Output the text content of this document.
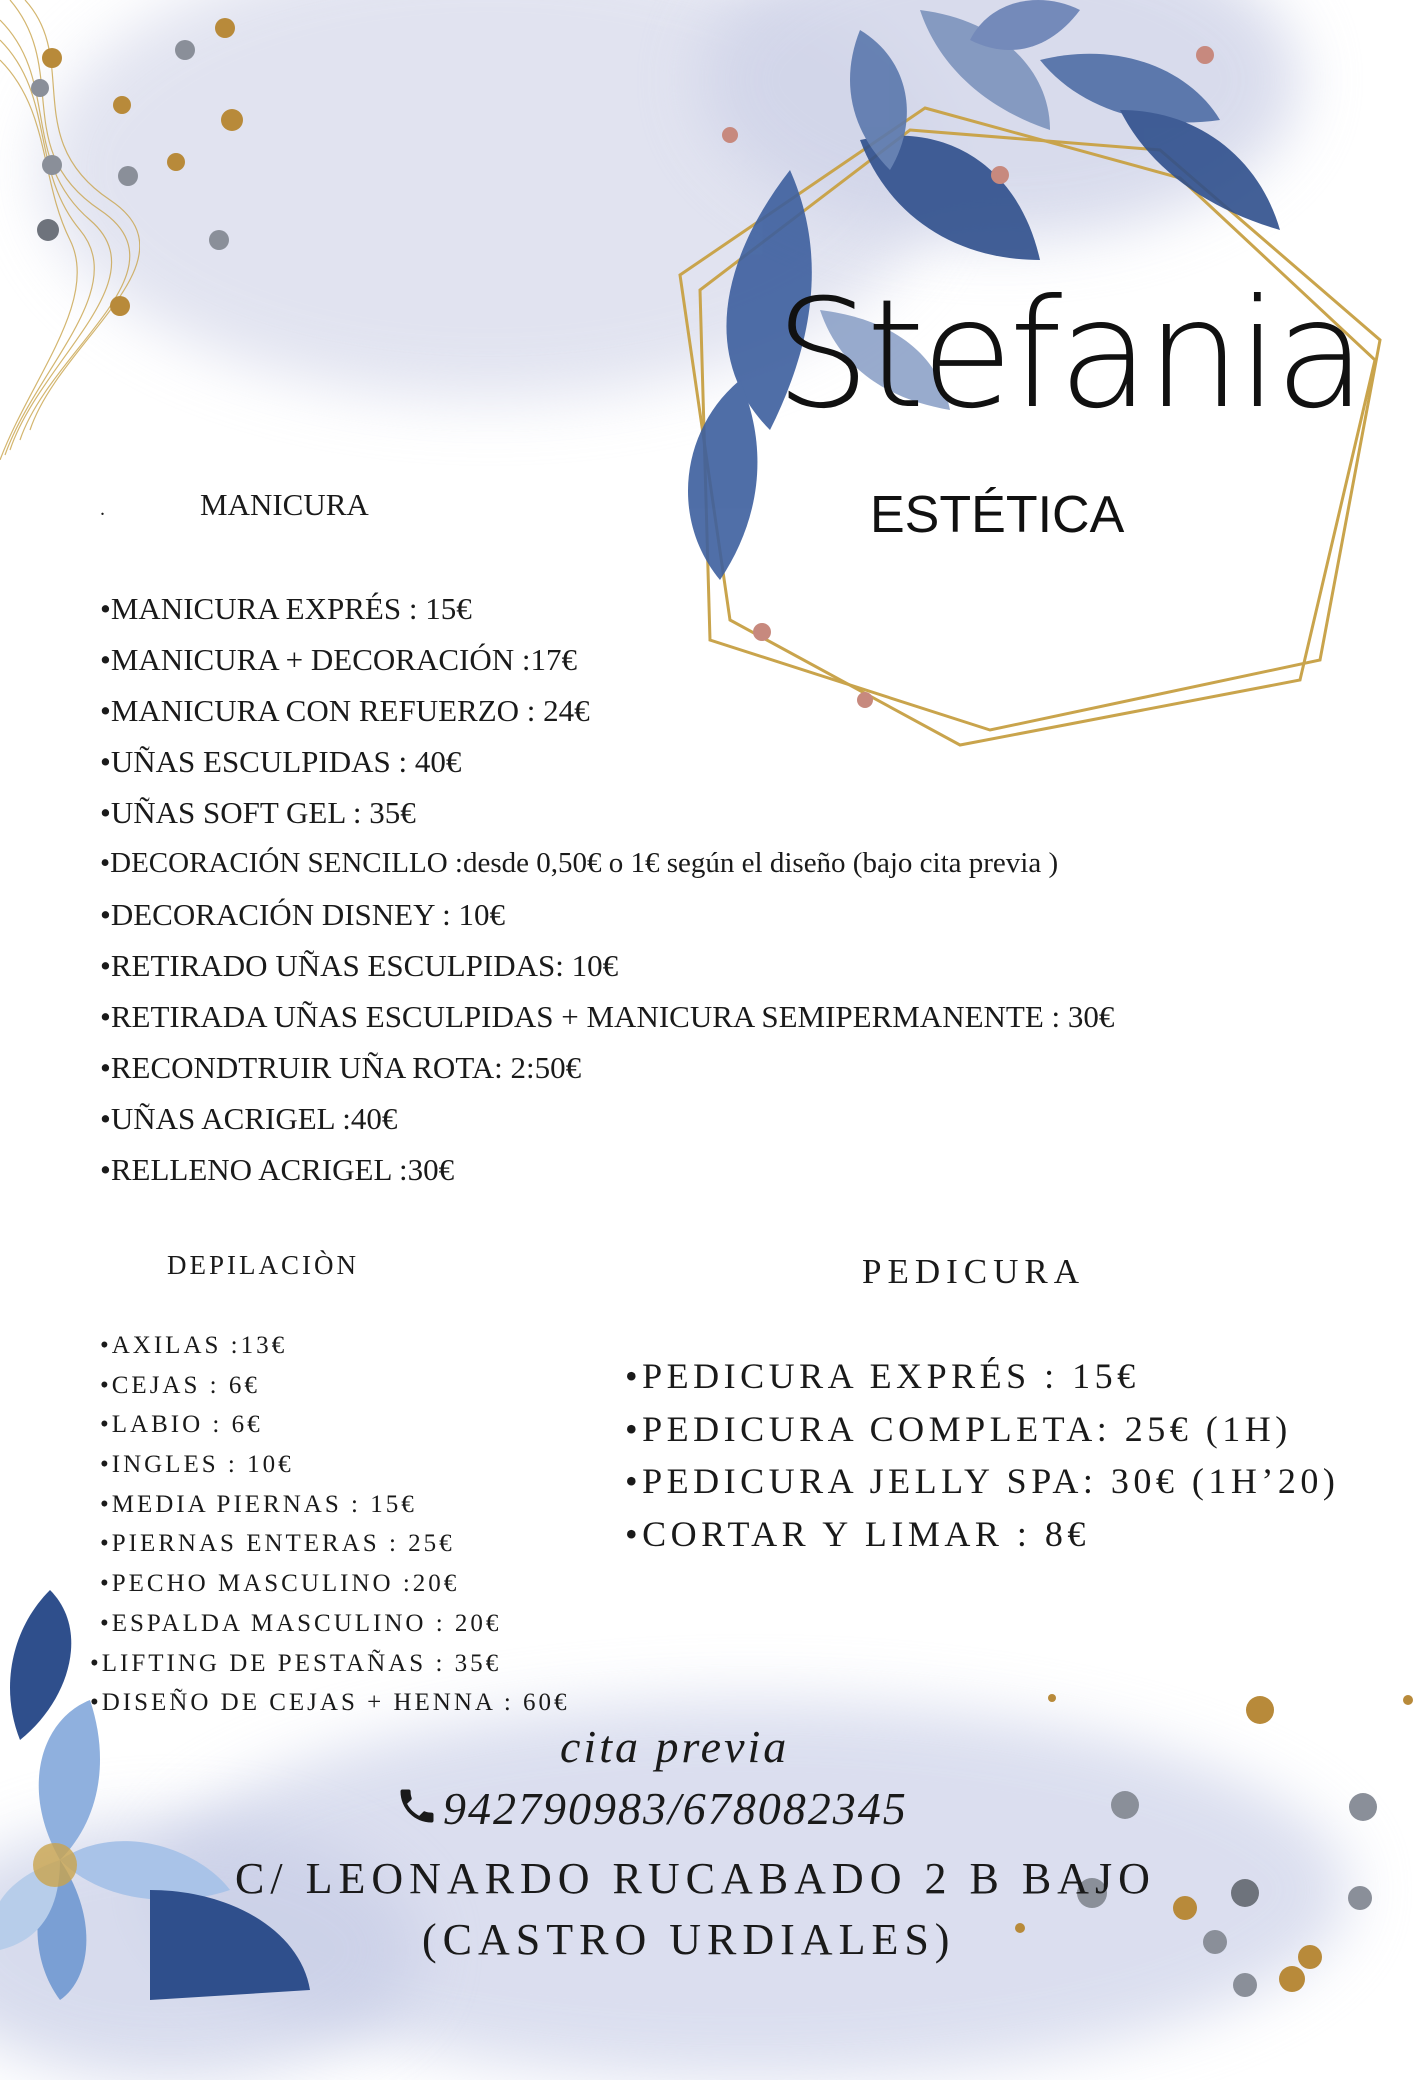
Stefania
ESTÉTICA
.	MANICURA
•MANICURA EXPRÉS : 15€
•MANICURA + DECORACIÓN :17€
•MANICURA CON REFUERZO : 24€
•UÑAS ESCULPIDAS : 40€
•UÑAS SOFT GEL : 35€
•DECORACIÓN SENCILLO :desde 0,50€ o 1€ según el diseño (bajo cita previa )
•DECORACIÓN DISNEY : 10€
•RETIRADO UÑAS ESCULPIDAS: 10€
•RETIRADA UÑAS ESCULPIDAS + MANICURA SEMIPERMANENTE : 30€
•RECONDTRUIR UÑA ROTA: 2:50€
•UÑAS ACRIGEL :40€
•RELLENO ACRIGEL :30€
DEPILACIÒN
•AXILAS :13€
•CEJAS : 6€
•LABIO : 6€
•INGLES : 10€
•MEDIA PIERNAS : 15€
•PIERNAS ENTERAS : 25€
•PECHO MASCULINO :20€
•ESPALDA MASCULINO : 20€
•LIFTING DE PESTAÑAS : 35€
•DISEÑO DE CEJAS + HENNA : 60€
PEDICURA
•PEDICURA EXPRÉS : 15€
•PEDICURA COMPLETA: 25€ (1H)
•PEDICURA JELLY SPA: 30€ (1H’20)
•CORTAR Y LIMAR : 8€
cita previa
942790983/678082345
C/ LEONARDO RUCABADO 2 B BAJO
(CASTRO URDIALES)
